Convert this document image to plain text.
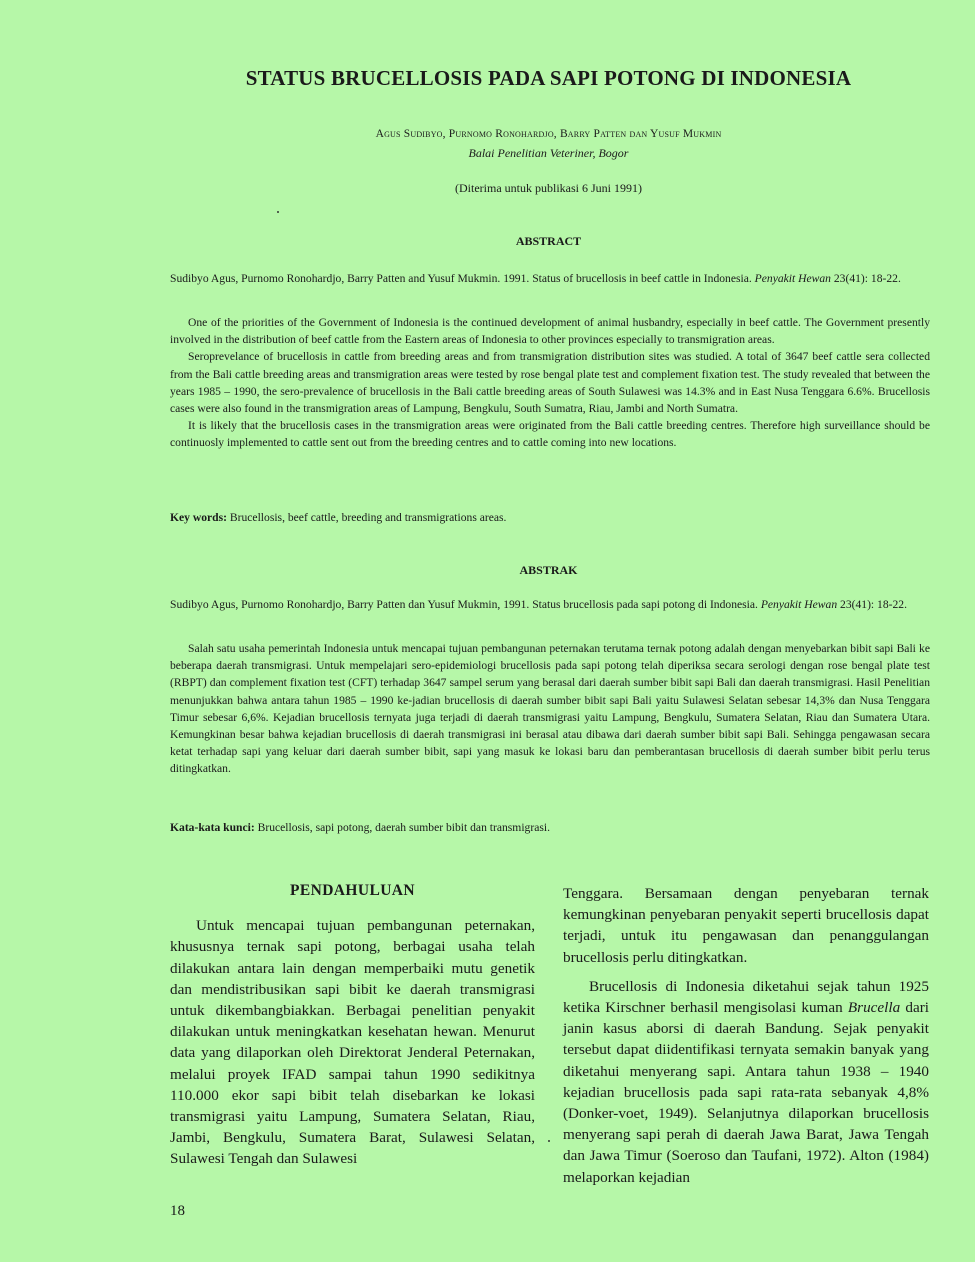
STATUS BRUCELLOSIS PADA SAPI POTONG DI INDONESIA
Agus Sudibyo, Purnomo Ronohardjo, Barry Patten dan Yusuf Mukmin
Balai Penelitian Veteriner, Bogor
(Diterima untuk publikasi 6 Juni 1991)
ABSTRACT
Sudibyo Agus, Purnomo Ronohardjo, Barry Patten and Yusuf Mukmin. 1991. Status of brucellosis in beef cattle in Indonesia. Penyakit Hewan 23(41): 18-22.

One of the priorities of the Government of Indonesia is the continued development of animal husbandry, especially in beef cattle. The Government presently involved in the distribution of beef cattle from the Eastern areas of Indonesia to other provinces especially to transmigration areas.

Seroprevelance of brucellosis in cattle from breeding areas and from transmigration distribution sites was studied. A total of 3647 beef cattle sera collected from the Bali cattle breeding areas and transmigration areas were tested by rose bengal plate test and complement fixation test. The study revealed that between the years 1985 – 1990, the sero-prevalence of brucellosis in the Bali cattle breeding areas of South Sulawesi was 14.3% and in East Nusa Tenggara 6.6%. Brucellosis cases were also found in the transmigration areas of Lampung, Bengkulu, South Sumatra, Riau, Jambi and North Sumatra.

It is likely that the brucellosis cases in the transmigration areas were originated from the Bali cattle breeding centres. Therefore high surveillance should be continuosly implemented to cattle sent out from the breeding centres and to cattle coming into new locations.

Key words: Brucellosis, beef cattle, breeding and transmigrations areas.
ABSTRAK
Sudibyo Agus, Purnomo Ronohardjo, Barry Patten dan Yusuf Mukmin, 1991. Status brucellosis pada sapi potong di Indonesia. Penyakit Hewan 23(41): 18-22.

Salah satu usaha pemerintah Indonesia untuk mencapai tujuan pembangunan peternakan terutama ternak potong adalah dengan menyebarkan bibit sapi Bali ke beberapa daerah transmigrasi. Untuk mempelajari sero-epidemiologi brucellosis pada sapi potong telah diperiksa secara serologi dengan rose bengal plate test (RBPT) dan complement fixation test (CFT) terhadap 3647 sampel serum yang berasal dari daerah sumber bibit sapi Bali dan daerah transmigrasi. Hasil Penelitian menunjukkan bahwa antara tahun 1985 – 1990 ke-jadian brucellosis di daerah sumber bibit sapi Bali yaitu Sulawesi Selatan sebesar 14,3% dan Nusa Tenggara Timur sebesar 6,6%. Kejadian brucellosis ternyata juga terjadi di daerah transmigrasi yaitu Lampung, Bengkulu, Sumatera Selatan, Riau dan Sumatera Utara. Kemungkinan besar bahwa kejadian brucellosis di daerah transmigrasi ini berasal atau dibawa dari daerah sumber bibit sapi Bali. Sehingga pengawasan secara ketat terhadap sapi yang keluar dari daerah sumber bibit, sapi yang masuk ke lokasi baru dan pemberantasan brucellosis di daerah sumber bibit perlu terus ditingkatkan.

Kata-kata kunci: Brucellosis, sapi potong, daerah sumber bibit dan transmigrasi.
PENDAHULUAN

Untuk mencapai tujuan pembangunan peternakan, khususnya ternak sapi potong, berbagai usaha telah dilakukan antara lain dengan memperbaiki mutu genetik dan mendistribusikan sapi bibit ke daerah transmigrasi untuk dikembangbiakkan. Berbagai penelitian penyakit dilakukan untuk meningkatkan kesehatan hewan. Menurut data yang dilaporkan oleh Direktorat Jenderal Peternakan, melalui proyek IFAD sampai tahun 1990 sedikitnya 110.000 ekor sapi bibit telah disebarkan ke lokasi transmigrasi yaitu Lampung, Sumatera Selatan, Riau, Jambi, Bengkulu, Sumatera Barat, Sulawesi Selatan, Sulawesi Tengah dan Sulawesi

Tenggara. Bersamaan dengan penyebaran ternak kemungkinan penyebaran penyakit seperti brucellosis dapat terjadi, untuk itu pengawasan dan penanggulangan brucellosis perlu ditingkatkan.

Brucellosis di Indonesia diketahui sejak tahun 1925 ketika Kirschner berhasil mengisolasi kuman Brucella dari janin kasus aborsi di daerah Bandung. Sejak penyakit tersebut dapat diidentifikasi ternyata semakin banyak yang diketahui menyerang sapi. Antara tahun 1938 – 1940 kejadian brucellosis pada sapi rata-rata sebanyak 4,8% (Donker-voet, 1949). Selanjutnya dilaporkan brucellosis menyerang sapi perah di daerah Jawa Barat, Jawa Tengah dan Jawa Timur (Soeroso dan Taufani, 1972). Alton (1984) melaporkan kejadian

18
